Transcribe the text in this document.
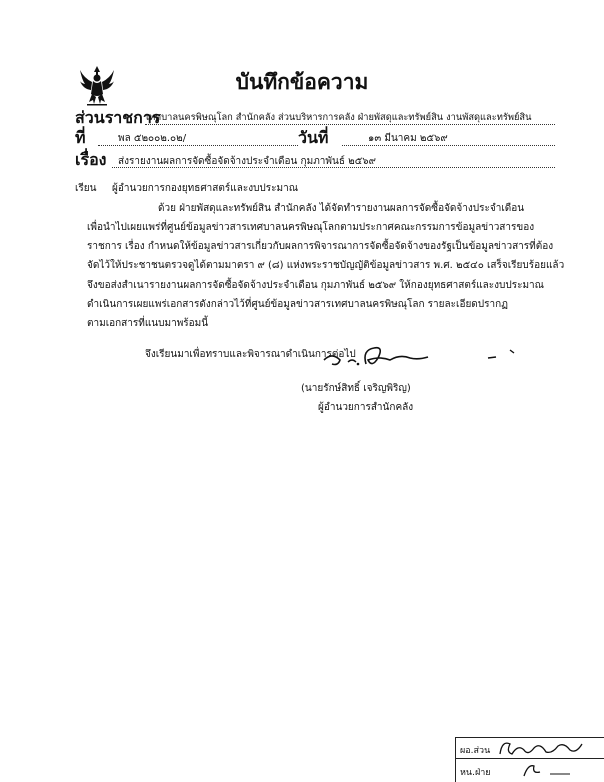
บันทึกข้อความ
ส่วนราชการ
เทศบาลนครพิษณุโลก สำนักคลัง ส่วนบริหารการคลัง ฝ่ายพัสดุและทรัพย์สิน งานพัสดุและทรัพย์สิน
ที่	พล ๕๒๐๐๒.๐๒/	วันที่	๑๓ มีนาคม ๒๕๖๙
เรื่อง ส่งรายงานผลการจัดซื้อจัดจ้างประจำเดือน กุมภาพันธ์ ๒๕๖๙
เรียน ผู้อำนวยการกองยุทธศาสตร์และงบประมาณ
ด้วย ฝ่ายพัสดุและทรัพย์สิน สำนักคลัง ได้จัดทำรายงานผลการจัดซื้อจัดจ้างประจำเดือน
เพื่อนำไปเผยแพร่ที่ศูนย์ข้อมูลข่าวสารเทศบาลนครพิษณุโลกตามประกาศคณะกรรมการข้อมูลข่าวสารของ
ราชการ เรื่อง กำหนดให้ข้อมูลข่าวสารเกี่ยวกับผลการพิจารณาการจัดซื้อจัดจ้างของรัฐเป็นข้อมูลข่าวสารที่ต้อง
จัดไว้ให้ประชาชนตรวจดูได้ตามมาตรา ๙ (๘) แห่งพระราชบัญญัติข้อมูลข่าวสาร พ.ศ. ๒๕๔๐ เสร็จเรียบร้อยแล้ว
จึงขอส่งสำเนารายงานผลการจัดซื้อจัดจ้างประจำเดือน กุมภาพันธ์ ๒๕๖๙ ให้กองยุทธศาสตร์และงบประมาณ
ดำเนินการเผยแพร่เอกสารดังกล่าวไว้ที่ศูนย์ข้อมูลข่าวสารเทศบาลนครพิษณุโลก รายละเอียดปรากฏ
ตามเอกสารที่แนบมาพร้อมนี้
จึงเรียนมาเพื่อทราบและพิจารณาดำเนินการต่อไป
(นายรักษ์สิทธิ์ เจริญพิริญ)
ผู้อำนวยการสำนักคลัง
ผอ.ส่วน
หน.ฝ่าย
